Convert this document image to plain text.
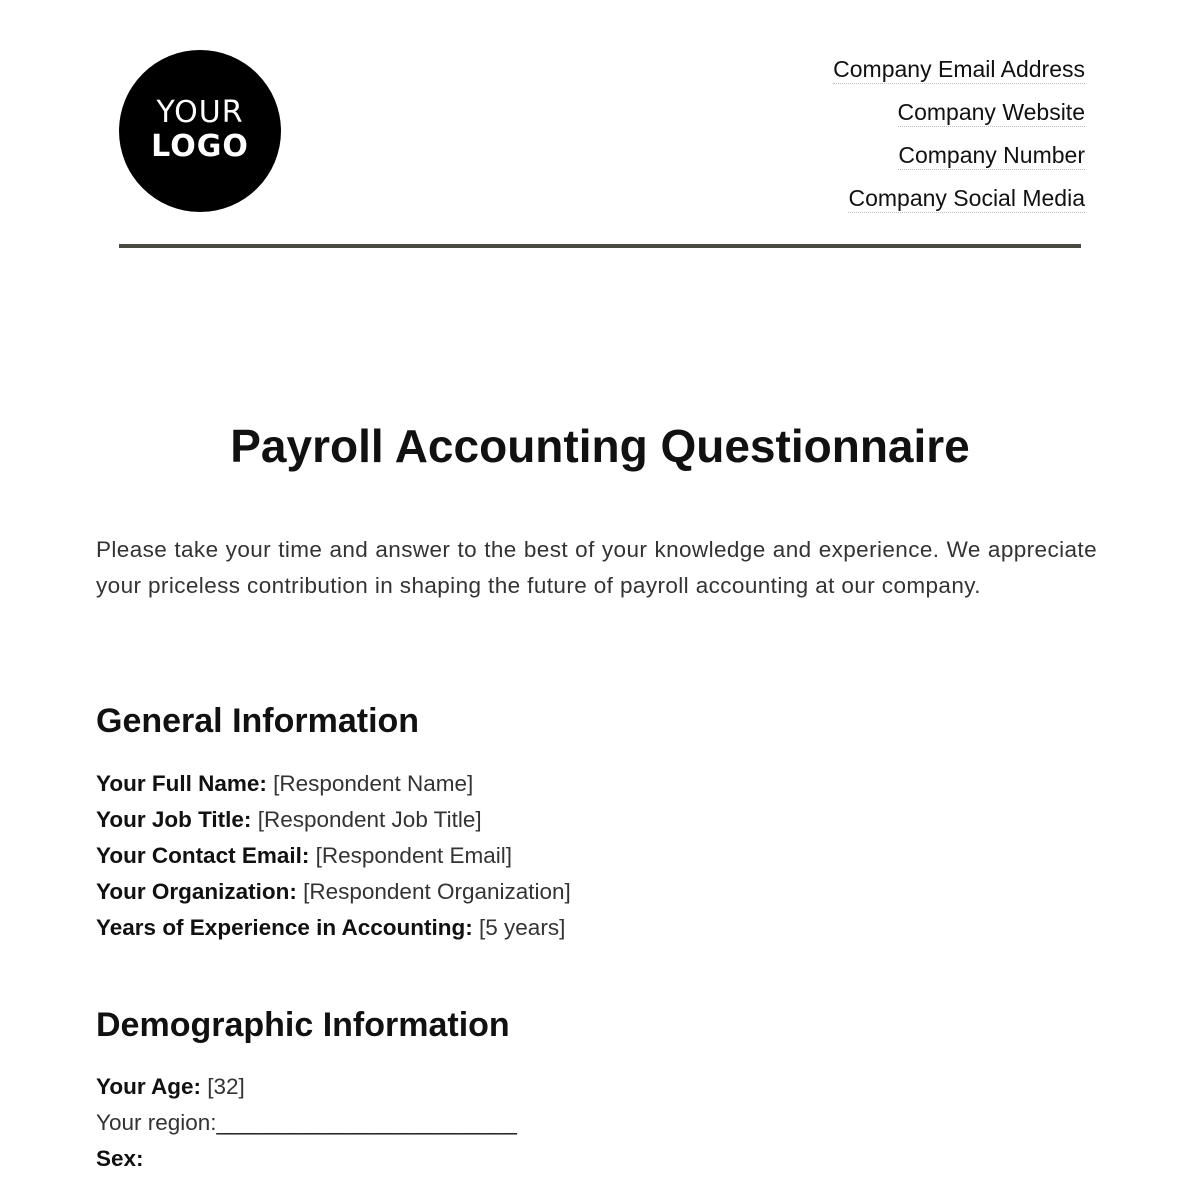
YOUR
LOGO
Company Email Address
Company Website
Company Number
Company Social Media
Payroll Accounting Questionnaire

Please take your time and answer to the best of your knowledge and experience. We appreciate your priceless contribution in shaping the future of payroll accounting at our company.

General Information
Your Full Name: [Respondent Name]
Your Job Title: [Respondent Job Title]
Your Contact Email: [Respondent Email]
Your Organization: [Respondent Organization]
Years of Experience in Accounting: [5 years]
Demographic Information
Your Age: [32]
Your region:________________________
Sex:
